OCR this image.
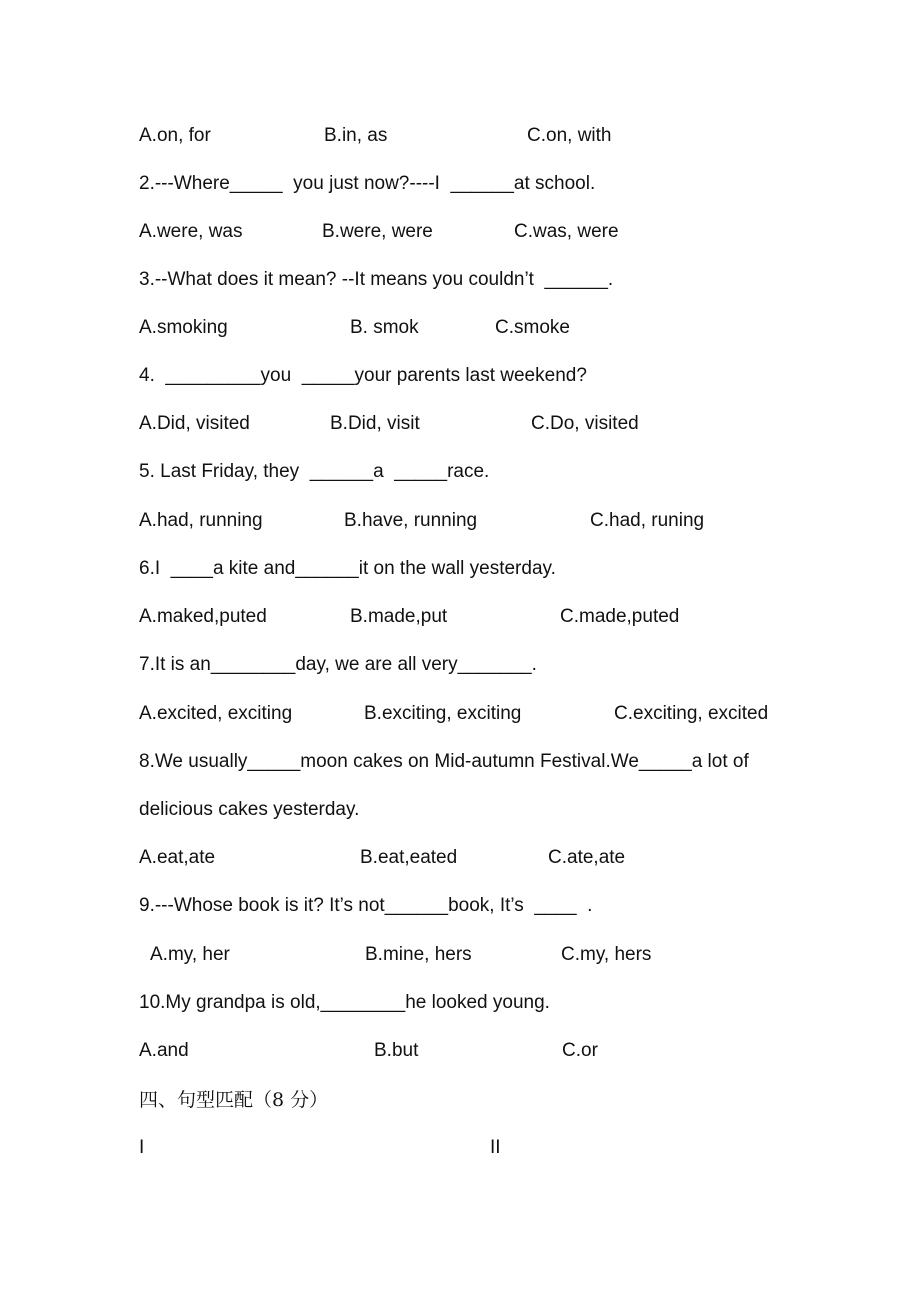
A.on, for	B.in, as	C.on, with
2.---Where_____  you just now?----I  ______at school.
A.were, was	B.were, were	C.was, were
3.--What does it mean? --It means you couldn’t  ______.
A.smoking	B. smok	C.smoke
4.  _________you  _____your parents last weekend?
A.Did, visited	B.Did, visit	C.Do, visited
5. Last Friday, they  ______a  _____race.
A.had, running	B.have, running	C.had, runing
6.I  ____a kite and______it on the wall yesterday.
A.maked,puted	B.made,put	C.made,puted
7.It is an________day, we are all very_______.
A.excited, exciting	B.exciting, exciting	C.exciting, excited
8.We usually_____moon cakes on Mid-autumn Festival.We_____a lot of
delicious cakes yesterday.
A.eat,ate	B.eat,eated	C.ate,ate
9.---Whose book is it? It’s not______book, It’s  ____  .
A.my, her	B.mine, hers	C.my, hers
10.My grandpa is old,________he looked young.
A.and	B.but	C.or
四、句型匹配（8 分）
I	II
